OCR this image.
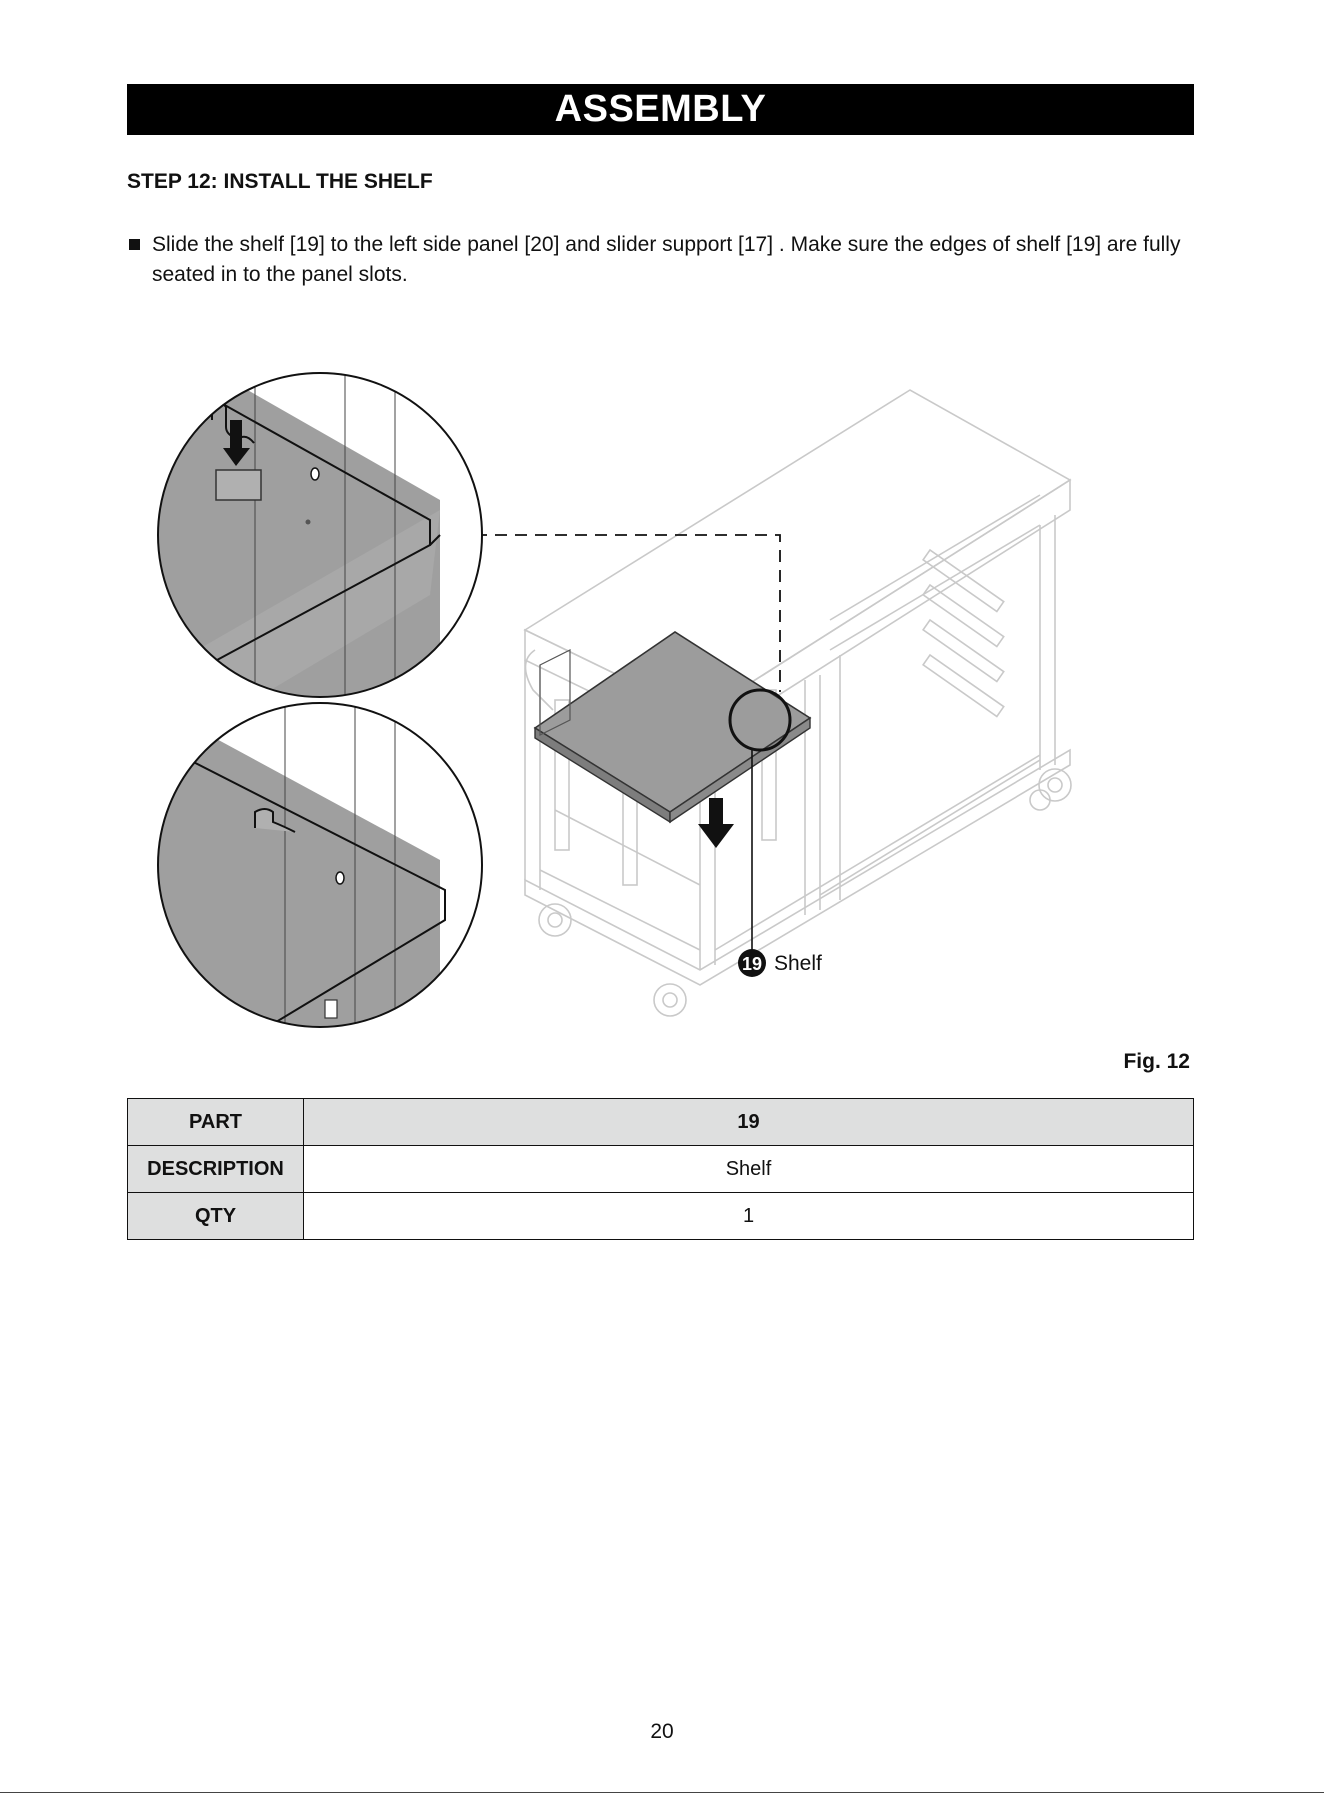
ASSEMBLY
STEP 12: INSTALL THE SHELF
Slide the shelf [19] to the left side panel [20] and slider support [17] . Make sure the edges of shelf [19] are fully seated in to the panel slots.
19 Shelf
Fig. 12
PART	19
DESCRIPTION	Shelf
QTY	1
20
